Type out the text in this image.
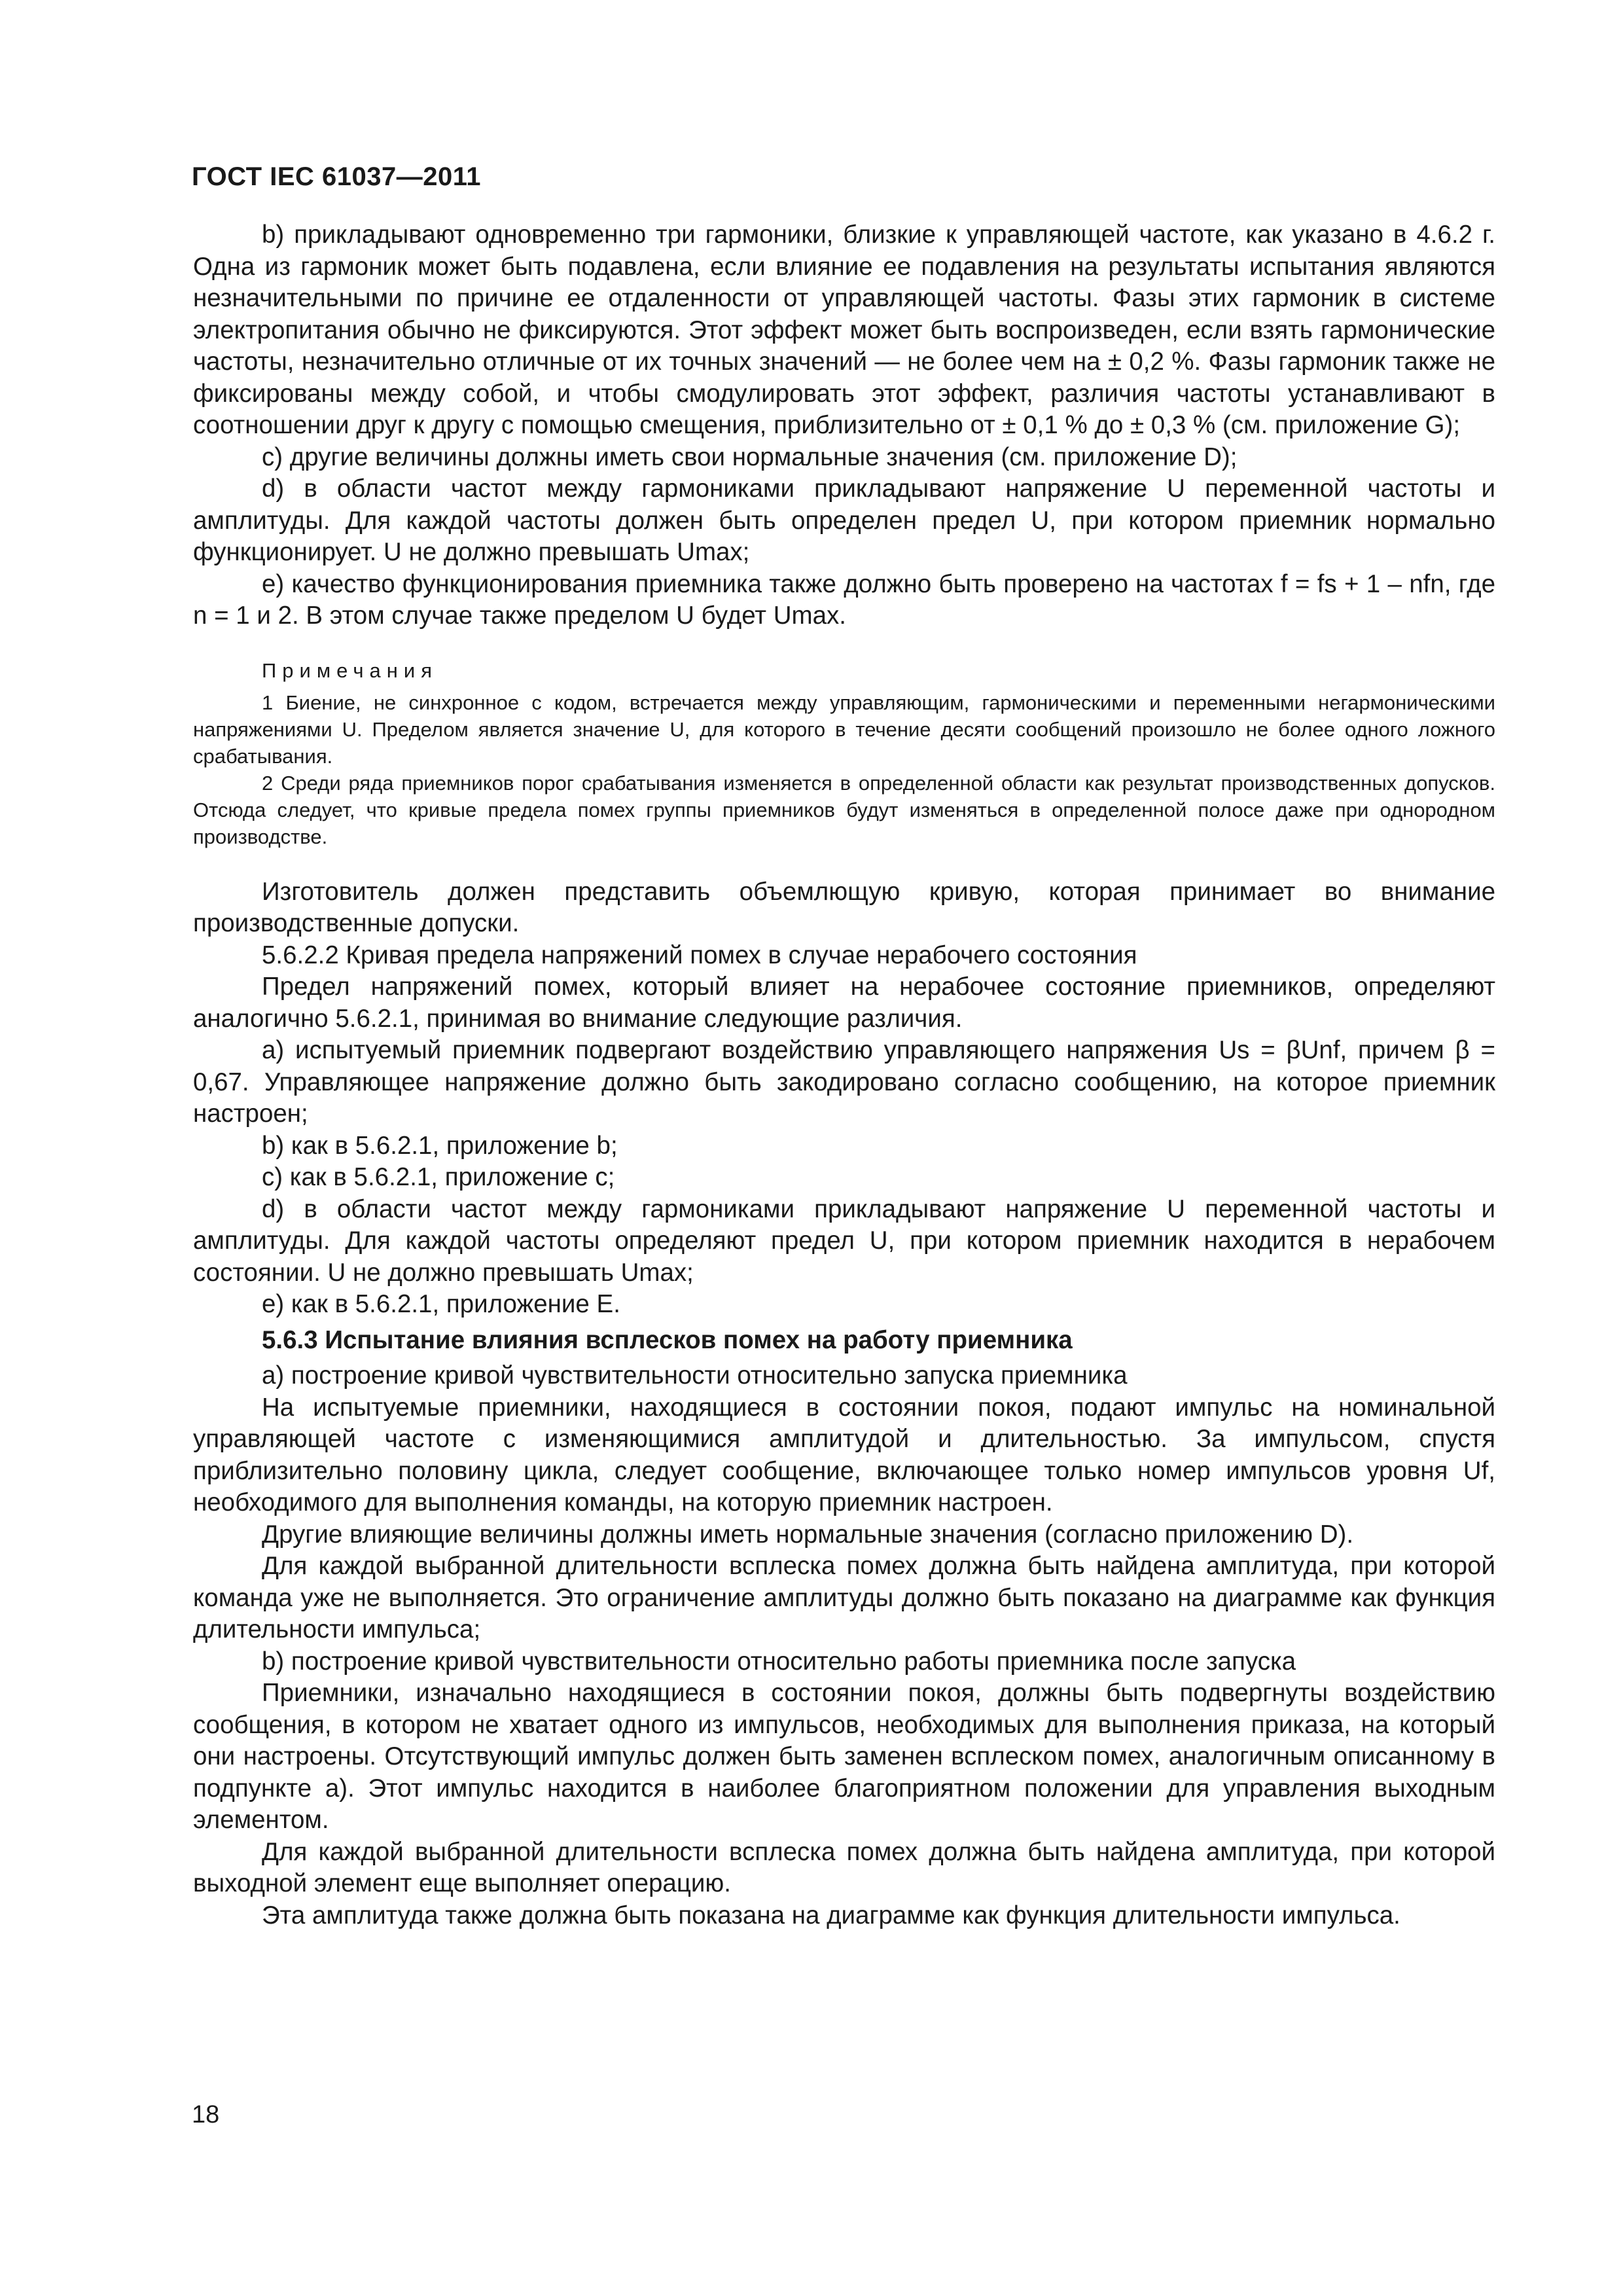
ГОСТ IEC 61037—2011

b) прикладывают одновременно три гармоники, близкие к управляющей частоте, как указано в 4.6.2 г. Одна из гармоник может быть подавлена, если влияние ее подавления на результаты испытания являются незначительными по причине ее отдаленности от управляющей частоты. Фазы этих гармоник в системе электропитания обычно не фиксируются. Этот эффект может быть воспроизведен, если взять гармонические частоты, незначительно отличные от их точных значений — не более чем на ± 0,2 %. Фазы гармоник также не фиксированы между собой, и чтобы смодулировать этот эффект, различия частоты устанавливают в соотношении друг к другу с помощью смещения, приблизительно от ± 0,1 % до ± 0,3 % (см. приложение G);

c) другие величины должны иметь свои нормальные значения (см. приложение D);

d) в области частот между гармониками прикладывают напряжение U переменной частоты и амплитуды. Для каждой частоты должен быть определен предел U, при котором приемник нормально функционирует. U не должно превышать Umax;

e) качество функционирования приемника также должно быть проверено на частотах f = fs + 1 – nfn, где n = 1 и 2. В этом случае также пределом U будет Umax.

Примечания

1 Биение, не синхронное с кодом, встречается между управляющим, гармоническими и переменными негармоническими напряжениями U. Пределом является значение U, для которого в течение десяти сообщений произошло не более одного ложного срабатывания.

2 Среди ряда приемников порог срабатывания изменяется в определенной области как результат производственных допусков. Отсюда следует, что кривые предела помех группы приемников будут изменяться в определенной полосе даже при однородном производстве.

Изготовитель должен представить объемлющую кривую, которая принимает во внимание производственные допуски.

5.6.2.2 Кривая предела напряжений помех в случае нерабочего состояния

Предел напряжений помех, который влияет на нерабочее состояние приемников, определяют аналогично 5.6.2.1, принимая во внимание следующие различия.

a) испытуемый приемник подвергают воздействию управляющего напряжения Us = βUnf, причем β = 0,67. Управляющее напряжение должно быть закодировано согласно сообщению, на которое приемник настроен;

b) как в 5.6.2.1, приложение b;

c) как в 5.6.2.1, приложение с;

d) в области частот между гармониками прикладывают напряжение U переменной частоты и амплитуды. Для каждой частоты определяют предел U, при котором приемник находится в нерабочем состоянии. U не должно превышать Umax;

e) как в 5.6.2.1, приложение E.

5.6.3 Испытание влияния всплесков помех на работу приемника

a) построение кривой чувствительности относительно запуска приемника

На испытуемые приемники, находящиеся в состоянии покоя, подают импульс на номинальной управляющей частоте с изменяющимися амплитудой и длительностью. За импульсом, спустя приблизительно половину цикла, следует сообщение, включающее только номер импульсов уровня Uf, необходимого для выполнения команды, на которую приемник настроен.

Другие влияющие величины должны иметь нормальные значения (согласно приложению D).

Для каждой выбранной длительности всплеска помех должна быть найдена амплитуда, при которой команда уже не выполняется. Это ограничение амплитуды должно быть показано на диаграмме как функция длительности импульса;

b) построение кривой чувствительности относительно работы приемника после запуска

Приемники, изначально находящиеся в состоянии покоя, должны быть подвергнуты воздействию сообщения, в котором не хватает одного из импульсов, необходимых для выполнения приказа, на который они настроены. Отсутствующий импульс должен быть заменен всплеском помех, аналогичным описанному в подпункте а). Этот импульс находится в наиболее благоприятном положении для управления выходным элементом.

Для каждой выбранной длительности всплеска помех должна быть найдена амплитуда, при которой выходной элемент еще выполняет операцию.

Эта амплитуда также должна быть показана на диаграмме как функция длительности импульса.

18
